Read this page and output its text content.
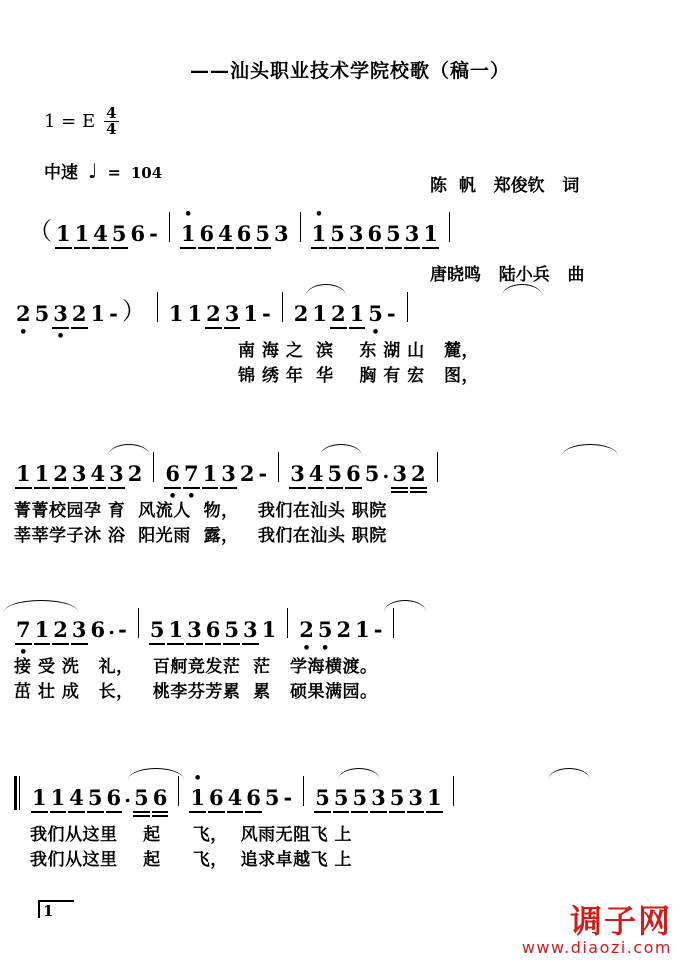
——汕头职业技术学院校歌（稿一）
1 = E $\frac{4}{4}$
中速 ♩ = 104

陈  帆   郑俊钦   词

唐晓鸣   陆小兵   曲

（ 1 1 4 5 6 - • 1 6 4 6 5 3 • 1 5 3 6 5 3 1
2 • 5 3 • 2 1 - ） 1 1 2 3 1 - 2 1 2 1 5 • -
南 海 之  滨    东 湖 山   麓，
锦 绣 年  华    胸 有 宏   图，
1 1 2 3 4 3 2 6 • 7 • 1 3 2 - 3 4 5 6 5 . 3 2
菁菁校园孕 育  风流人  物，   我们在汕头 职院
莘莘学子沐 浴  阳光雨  露，   我们在汕头 职院
7 • 1 2 3 6 . - 5 1 3 6 5 3 1 2 • 5 • 2 1 -
接 受 洗   礼，   百舸竞发茫  茫   学海横渡。
茁 壮 成   长，   桃李芬芳累  累   硕果满园。
1 1 4 5 6 . 5 6 • 1 6 4 6 5 - 5 5 5 3 5 3 1
我们从这里    起     飞，  风雨无阻飞 上
我们从这里    起     飞，  追求卓越飞 上
1	调子网
www.diaozi.com
